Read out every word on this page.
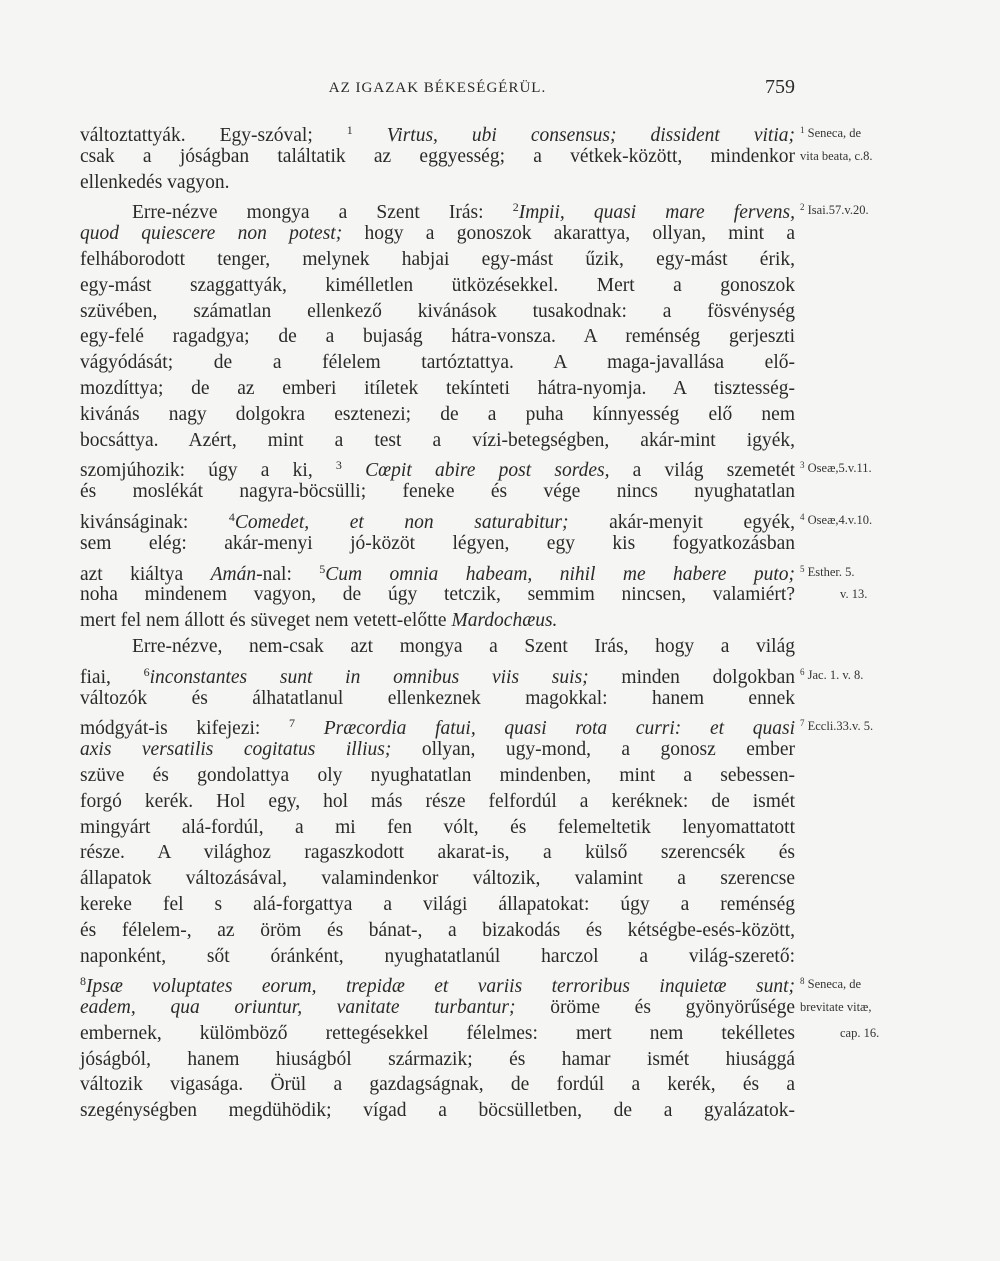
AZ IGAZAK BÉKESÉGÉRÜL.	759
változtattyák. Egy-szóval; $^1$ Virtus, ubi consensus; dissident vitia;
csak a jóságban találtatik az eggyesség; a vétkek-között, mindenkor
ellenkedés vagyon.
Erre-nézve mongya a Szent Irás: $^2$Impii, quasi mare fervens,
quod quiescere non potest; hogy a gonoszok akarattya, ollyan, mint a
felháborodott tenger, melynek habjai egy-mást űzik, egy-mást érik,
egy-mást szaggattyák, kimélletlen ütközésekkel. Mert a gonoszok
szüvében, számatlan ellenkező kivánások tusakodnak: a fösvénység
egy-felé ragadgya; de a bujaság hátra-vonsza. A reménség gerjeszti
vágyódását; de a félelem tartóztattya. A maga-javallása elő-
mozdíttya; de az emberi itíletek tekínteti hátra-nyomja. A tisztesség-
kivánás nagy dolgokra esztenezi; de a puha kínnyesség elő nem
bocsáttya. Azért, mint a test a vízi-betegségben, akár-mint igyék,
szomjúhozik: úgy a ki, $^3$ Cœpit abire post sordes, a világ szemetét
és moslékát nagyra-böcsülli; feneke és vége nincs nyughatatlan
kivánságinak: $^4$Comedet, et non saturabitur; akár-menyit egyék,
sem elég: akár-menyi jó-közöt légyen, egy kis fogyatkozásban
azt kiáltya Amán-nal: $^5$Cum omnia habeam, nihil me habere puto;
noha mindenem vagyon, de úgy tetczik, semmim nincsen, valamiért?
mert fel nem állott és süveget nem vetett-előtte Mardochæus.
Erre-nézve, nem-csak azt mongya a Szent Irás, hogy a világ
fiai, $^6$inconstantes sunt in omnibus viis suis; minden dolgokban
változók és álhatatlanul ellenkeznek magokkal: hanem ennek
módgyát-is kifejezi: $^7$ Præcordia fatui, quasi rota curri: et quasi
axis versatilis cogitatus illius; ollyan, ugy-mond, a gonosz ember
szüve és gondolattya oly nyughatatlan mindenben, mint a sebessen-
forgó kerék. Hol egy, hol más része felfordúl a keréknek: de ismét
mingyárt alá-fordúl, a mi fen vólt, és felemeltetik lenyomattatott
része. A világhoz ragaszkodott akarat-is, a külső szerencsék és
állapatok változásával, valamindenkor változik, valamint a szerencse
kereke fel s alá-forgattya a világi állapatokat: úgy a reménség
és félelem-, az öröm és bánat-, a bizakodás és kétségbe-esés-között,
naponként, sőt óránként, nyughatatlanúl harczol a világ-szerető:
$^8$Ipsæ voluptates eorum, trepidæ et variis terroribus inquietæ sunt;
eadem, qua oriuntur, vanitate turbantur; öröme és gyönyörűsége
embernek, külömböző rettegésekkel félelmes: mert nem tekélletes
jóságból, hanem hiuságból származik; és hamar ismét hiusággá
változik vigasága. Örül a gazdagságnak, de fordúl a kerék, és a
szegénységben megdühödik; vígad a böcsülletben, de a gyalázatok-
$^1$ Seneca, de
vita beata, c.8.
$^2$ Isai.57.v.20.
$^3$ Oseæ,5.v.11.
$^4$ Oseæ,4.v.10.
$^5$ Esther. 5.
v. 13.
$^6$ Jac. 1. v. 8.
$^7$ Eccli.33.v. 5.
$^8$ Seneca, de
brevitate vitæ,
cap. 16.
